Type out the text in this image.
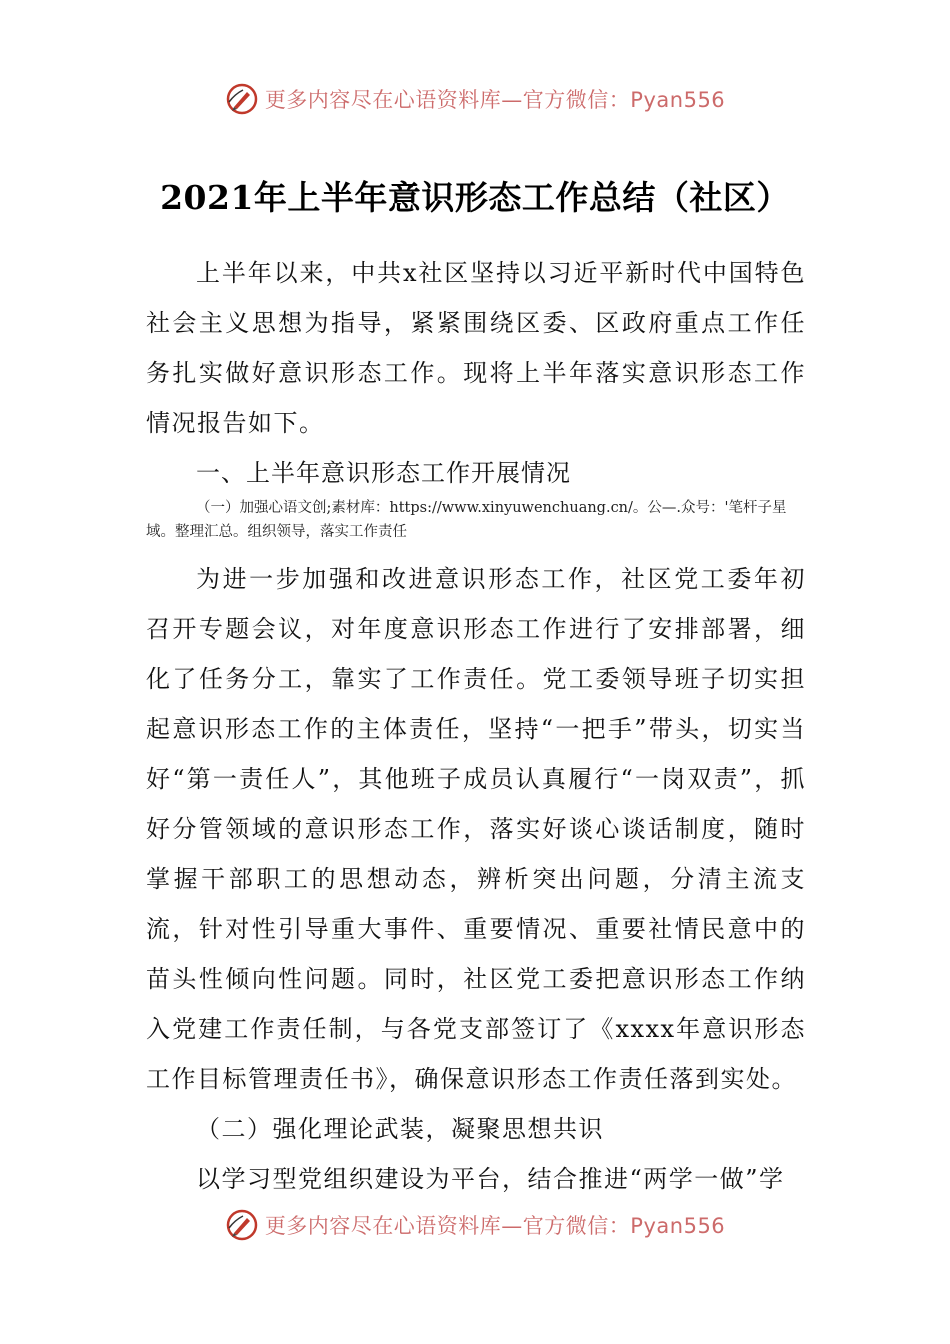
更多内容尽在心语资料库—官方微信：Pyan556
2021年上半年意识形态工作总结（社区）

上半年以来，中共x社区坚持以习近平新时代中国特色社会主义思想为指导，紧紧围绕区委、区政府重点工作任务扎实做好意识形态工作。现将上半年落实意识形态工作情况报告如下。

一、上半年意识形态工作开展情况
（一）加强心语文创;素材库：https://www.xinyuwenchuang.cn/。公—.众号：'笔杆子星域。整理汇总。组织领导，落实工作责任

为进一步加强和改进意识形态工作，社区党工委年初召开专题会议，对年度意识形态工作进行了安排部署，细化了任务分工，靠实了工作责任。党工委领导班子切实担起意识形态工作的主体责任，坚持“一把手”带头，切实当好“第一责任人”，其他班子成员认真履行“一岗双责”，抓好分管领域的意识形态工作，落实好谈心谈话制度，随时掌握干部职工的思想动态，辨析突出问题，分清主流支流，针对性引导重大事件、重要情况、重要社情民意中的苗头性倾向性问题。同时，社区党工委把意识形态工作纳入党建工作责任制，与各党支部签订了《xxxx年意识形态工作目标管理责任书》，确保意识形态工作责任落到实处。

（二）强化理论武装，凝聚思想共识

以学习型党组织建设为平台，结合推进“两学一做”学

更多内容尽在心语资料库—官方微信：Pyan556
